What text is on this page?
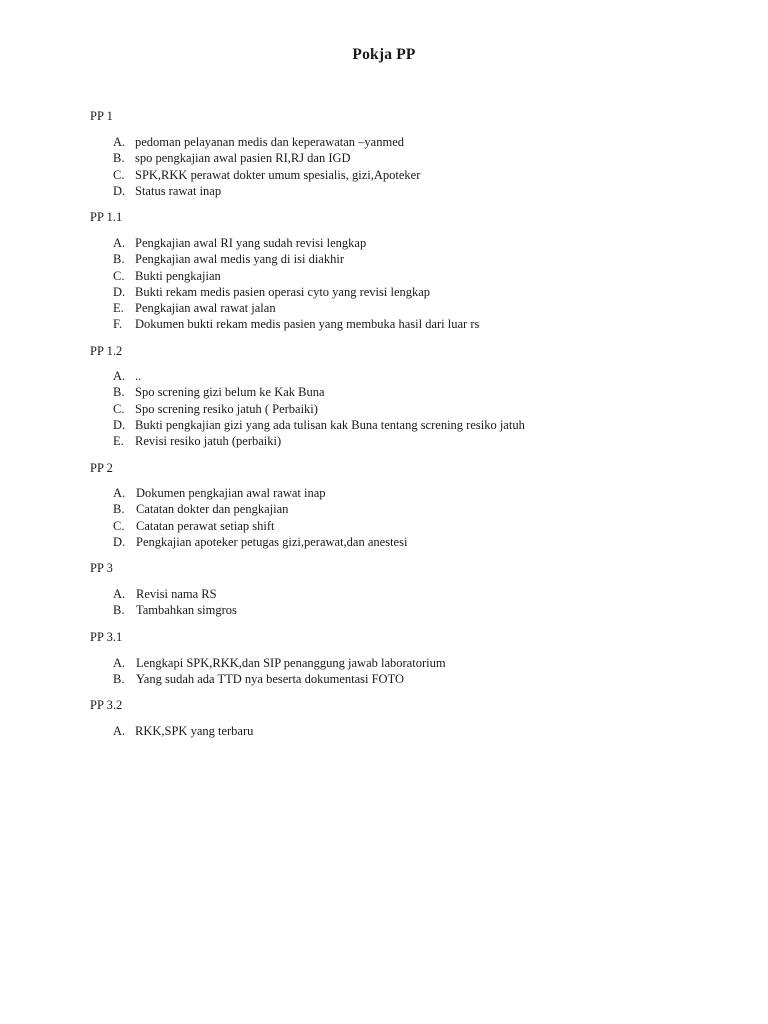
Pokja PP
PP 1
A. pedoman pelayanan medis dan keperawatan –yanmed
B. spo pengkajian awal pasien RI,RJ dan IGD
C. SPK,RKK perawat dokter umum spesialis, gizi,Apoteker
D. Status rawat inap
PP 1.1
A. Pengkajian awal RI yang sudah revisi lengkap
B. Pengkajian awal medis yang di isi diakhir
C. Bukti pengkajian
D. Bukti rekam medis pasien operasi cyto yang revisi lengkap
E. Pengkajian awal rawat jalan
F.	Dokumen bukti rekam medis pasien yang membuka hasil dari luar rs
PP 1.2
A. ..
B. Spo screning gizi belum ke Kak Buna
C. Spo screning resiko jatuh ( Perbaiki)
D. Bukti pengkajian gizi yang ada tulisan kak Buna tentang screning resiko jatuh
E. Revisi resiko jatuh (perbaiki)
PP 2
A. Dokumen pengkajian awal rawat inap
B. Catatan dokter dan pengkajian
C. Catatan perawat setiap shift
D. Pengkajian apoteker petugas gizi,perawat,dan anestesi
PP 3
A. Revisi nama RS
B. Tambahkan simgros
PP 3.1
A. Lengkapi SPK,RKK,dan SIP penanggung jawab laboratorium
B. Yang sudah ada TTD nya beserta dokumentasi FOTO
PP 3.2
A. RKK,SPK yang terbaru
